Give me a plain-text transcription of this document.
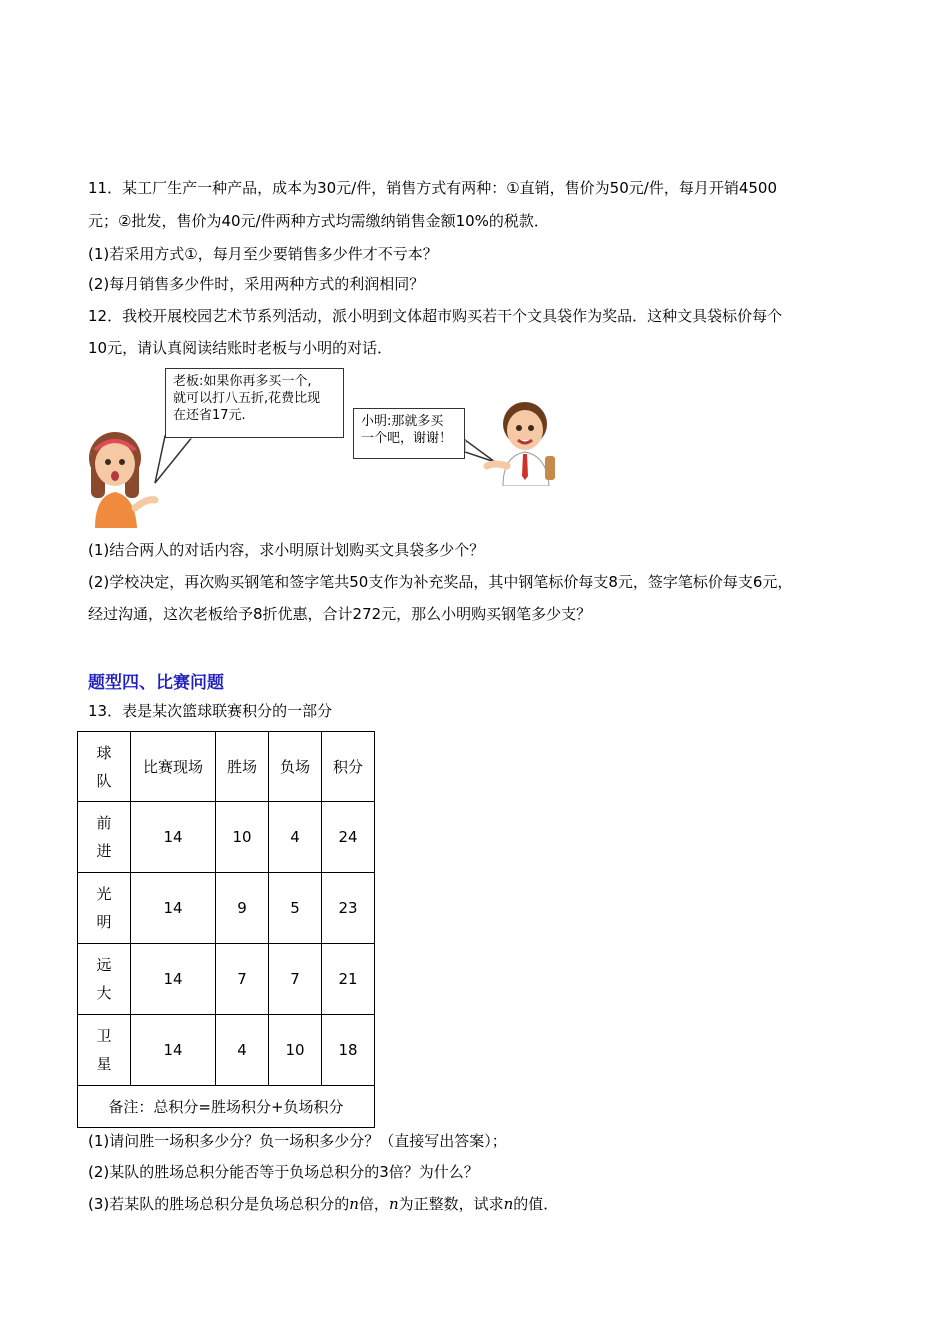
11．某工厂生产一种产品，成本为30元/件，销售方式有两种：①直销，售价为50元/件，每月开销4500
元；②批发，售价为40元/件两种方式均需缴纳销售金额10%的税款．
(1)若采用方式①，每月至少要销售多少件才不亏本？
(2)每月销售多少件时，采用两种方式的利润相同？
12．我校开展校园艺术节系列活动，派小明到文体超市购买若干个文具袋作为奖品．这种文具袋标价每个
10元，请认真阅读结账时老板与小明的对话．
老板:如果你再多买一个,
就可以打八五折,花费比现
在还省17元.	小明:那就多买
一个吧，谢谢！
(1)结合两人的对话内容，求小明原计划购买文具袋多少个？
(2)学校决定，再次购买钢笔和签字笔共50支作为补充奖品，其中钢笔标价每支8元，签字笔标价每支6元，
经过沟通，这次老板给予8折优惠，合计272元，那么小明购买钢笔多少支？
题型四、比赛问题
13．表是某次篮球联赛积分的一部分
球队	比赛现场	胜场	负场	积分
前进	14	10	4	24
光明	14	9	5	23
远大	14	7	7	21
卫星	14	4	10	18
备注：总积分=胜场积分+负场积分				
(1)请问胜一场积多少分？负一场积多少分？（直接写出答案）；
(2)某队的胜场总积分能否等于负场总积分的3倍？为什么？
(3)若某队的胜场总积分是负场总积分的n倍，n为正整数，试求n的值．
